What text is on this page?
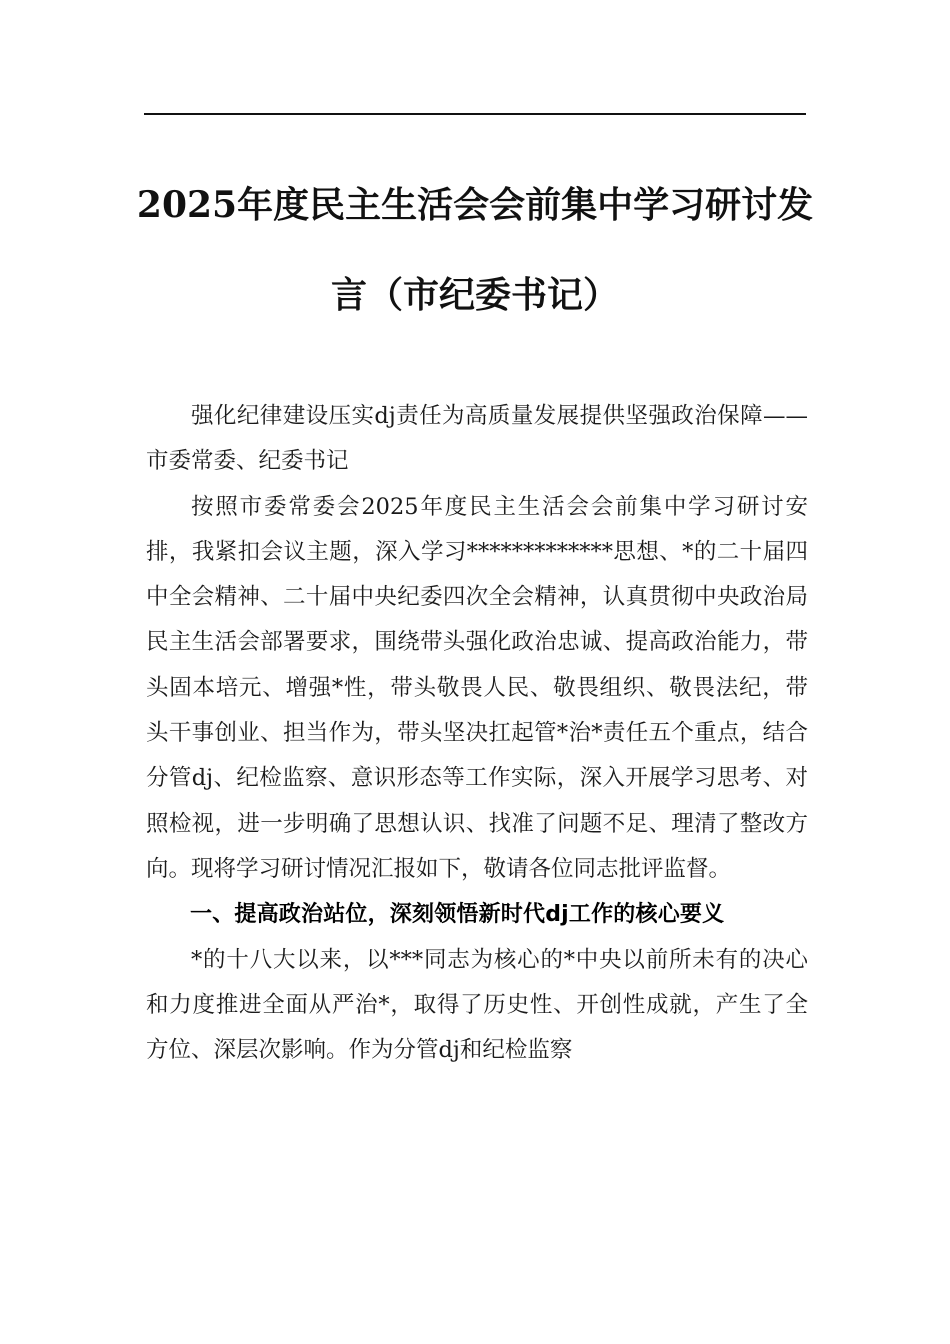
2025年度民主生活会会前集中学习研讨发言（市纪委书记）

强化纪律建设压实dj责任为高质量发展提供坚强政治保障——市委常委、纪委书记

按照市委常委会2025年度民主生活会会前集中学习研讨安排，我紧扣会议主题，深入学习*************思想、*的二十届四中全会精神、二十届中央纪委四次全会精神，认真贯彻中央政治局民主生活会部署要求，围绕带头强化政治忠诚、提高政治能力，带头固本培元、增强*性，带头敬畏人民、敬畏组织、敬畏法纪，带头干事创业、担当作为，带头坚决扛起管*治*责任五个重点，结合分管dj、纪检监察、意识形态等工作实际，深入开展学习思考、对照检视，进一步明确了思想认识、找准了问题不足、理清了整改方向。现将学习研讨情况汇报如下，敬请各位同志批评监督。

一、提高政治站位，深刻领悟新时代dj工作的核心要义

*的十八大以来，以***同志为核心的*中央以前所未有的决心和力度推进全面从严治*，取得了历史性、开创性成就，产生了全方位、深层次影响。作为分管dj和纪检监察
